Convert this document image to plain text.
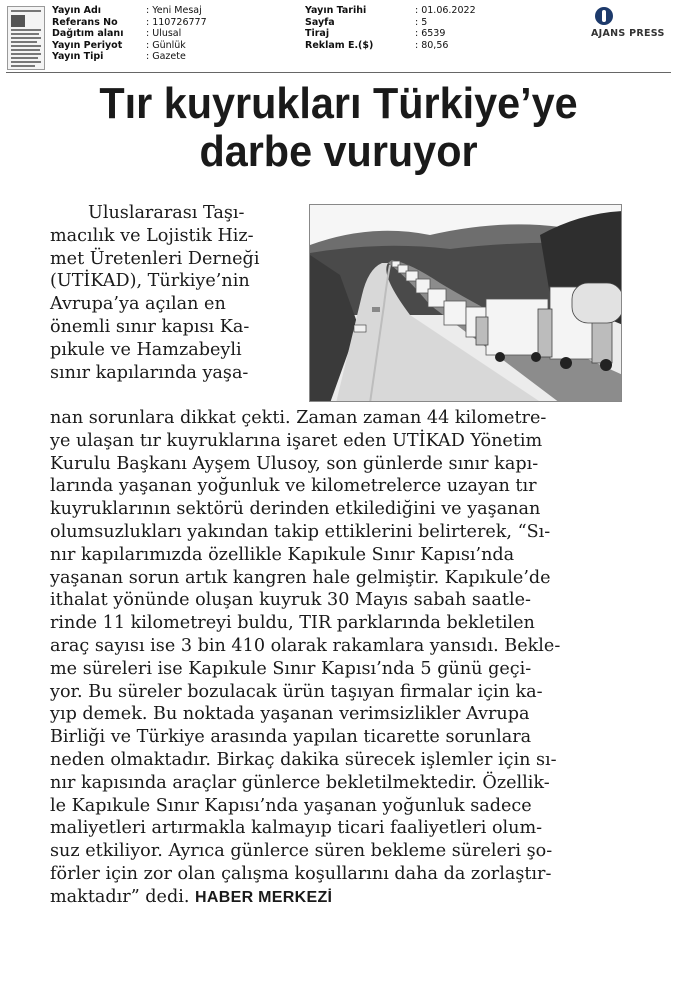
Yayın Adı	: Yeni Mesaj
Referans No	: 110726777
Dağıtım alanı	: Ulusal
Yayın Periyot	: Günlük
Yayın Tipi	: Gazete
Yayın Tarihi	: 01.06.2022
Sayfa	: 5
Tiraj	: 6539
Reklam E.($)	: 80,56
AJANS PRESS
Tır kuyrukları Türkiye’ye
darbe vuruyor
Uluslararası Taşı-
macılık ve Lojistik Hiz-
met Üretenleri Derneği
(UTİKAD), Türkiye’nin
Avrupa’ya açılan en
önemli sınır kapısı Ka-
pıkule ve Hamzabeyli
sınır kapılarında yaşa-
nan sorunlara dikkat çekti. Zaman zaman 44 kilometre-
ye ulaşan tır kuyruklarına işaret eden UTİKAD Yönetim
Kurulu Başkanı Ayşem Ulusoy, son günlerde sınır kapı-
larında yaşanan yoğunluk ve kilometrelerce uzayan tır
kuyruklarının sektörü derinden etkilediğini ve yaşanan
olumsuzlukları yakından takip ettiklerini belirterek, “Sı-
nır kapılarımızda özellikle Kapıkule Sınır Kapısı’nda
yaşanan sorun artık kangren hale gelmiştir. Kapıkule’de
ithalat yönünde oluşan kuyruk 30 Mayıs sabah saatle-
rinde 11 kilometreyi buldu, TIR parklarında bekletilen
araç sayısı ise 3 bin 410 olarak rakamlara yansıdı. Bekle-
me süreleri ise Kapıkule Sınır Kapısı’nda 5 günü geçi-
yor. Bu süreler bozulacak ürün taşıyan firmalar için ka-
yıp demek. Bu noktada yaşanan verimsizlikler Avrupa
Birliği ve Türkiye arasında yapılan ticarette sorunlara
neden olmaktadır. Birkaç dakika sürecek işlemler için sı-
nır kapısında araçlar günlerce bekletilmektedir. Özellik-
le Kapıkule Sınır Kapısı’nda yaşanan yoğunluk sadece
maliyetleri artırmakla kalmayıp ticari faaliyetleri olum-
suz etkiliyor. Ayrıca günlerce süren bekleme süreleri şo-
förler için zor olan çalışma koşullarını daha da zorlaştır-
maktadır” dedi. HABER MERKEZİ
